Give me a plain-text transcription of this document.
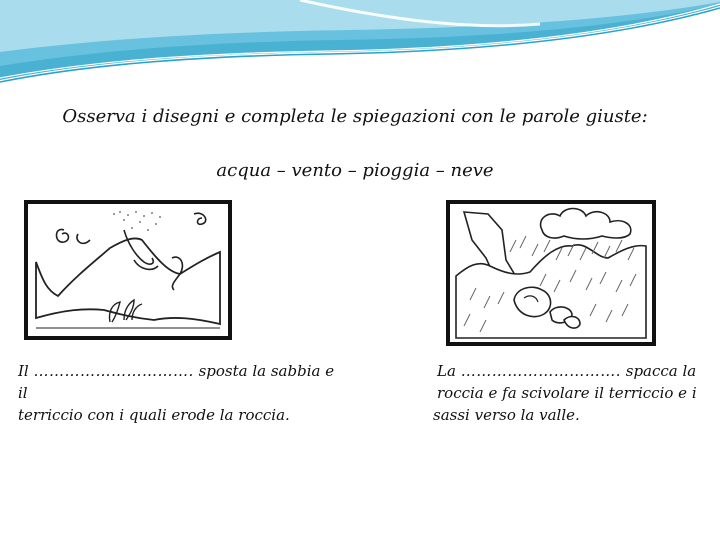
Osserva i disegni e completa le spiegazioni con le parole giuste:
acqua – vento – pioggia – neve
Il …………………………. sposta la sabbia e il
terriccio con i quali erode la roccia.
La …………………………. spacca la
roccia e fa scivolare il terriccio e i
sassi verso la valle.
